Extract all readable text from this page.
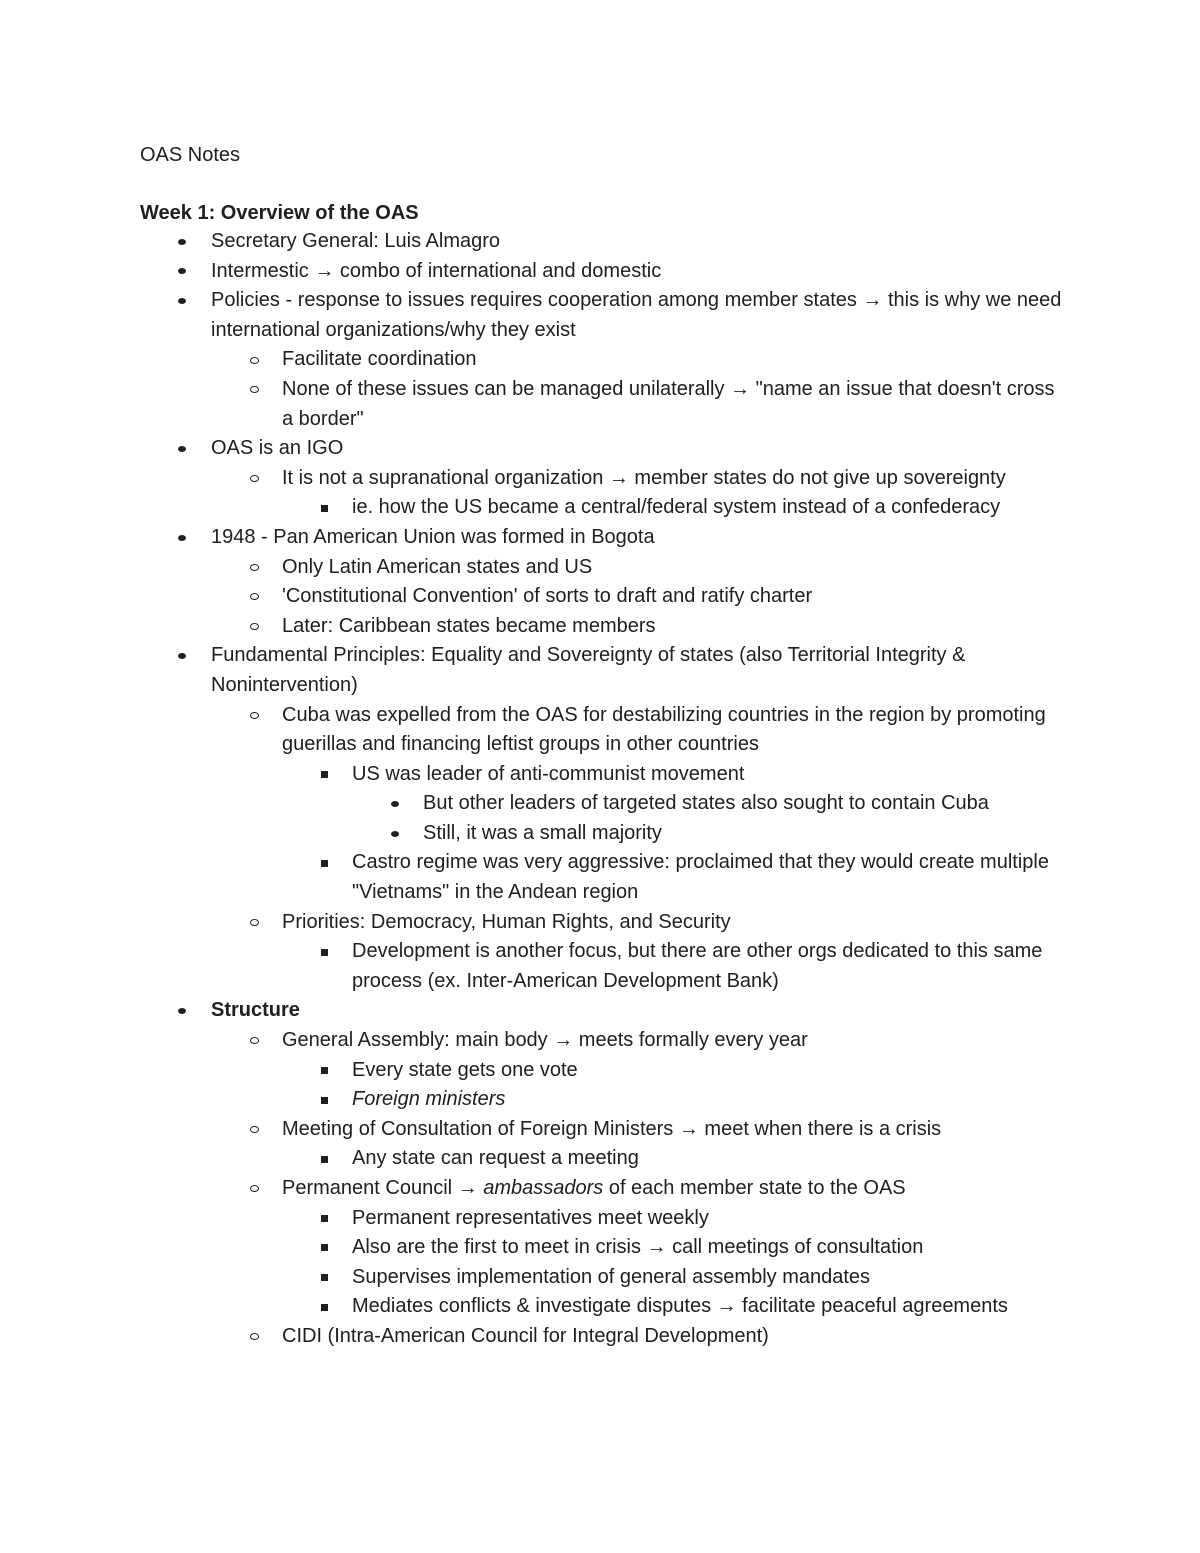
OAS Notes
Week 1: Overview of the OAS
Secretary General: Luis Almagro
Intermestic → combo of international and domestic
Policies - response to issues requires cooperation among member states → this is why we need international organizations/why they exist
Facilitate coordination
None of these issues can be managed unilaterally → "name an issue that doesn't cross a border"
OAS is an IGO
It is not a supranational organization → member states do not give up sovereignty
ie. how the US became a central/federal system instead of a confederacy
1948 - Pan American Union was formed in Bogota
Only Latin American states and US
'Constitutional Convention' of sorts to draft and ratify charter
Later: Caribbean states became members
Fundamental Principles: Equality and Sovereignty of states (also Territorial Integrity & Nonintervention)
Cuba was expelled from the OAS for destabilizing countries in the region by promoting guerillas and financing leftist groups in other countries
US was leader of anti-communist movement
But other leaders of targeted states also sought to contain Cuba
Still, it was a small majority
Castro regime was very aggressive: proclaimed that they would create multiple "Vietnams" in the Andean region
Priorities: Democracy, Human Rights, and Security
Development is another focus, but there are other orgs dedicated to this same process (ex. Inter-American Development Bank)
Structure
General Assembly: main body → meets formally every year
Every state gets one vote
Foreign ministers
Meeting of Consultation of Foreign Ministers → meet when there is a crisis
Any state can request a meeting
Permanent Council → ambassadors of each member state to the OAS
Permanent representatives meet weekly
Also are the first to meet in crisis → call meetings of consultation
Supervises implementation of general assembly mandates
Mediates conflicts & investigate disputes → facilitate peaceful agreements
CIDI (Intra-American Council for Integral Development)
